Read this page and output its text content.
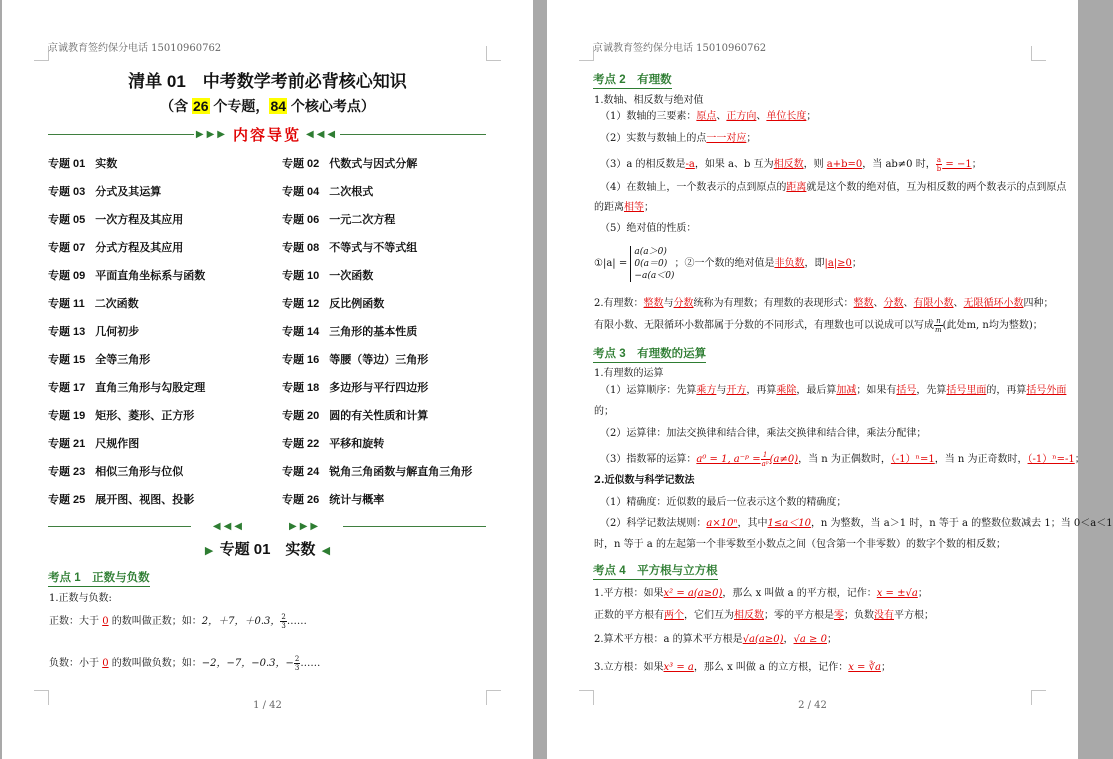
京诚教育签约保分电话 15010960762
清单 01　中考数学考前必背核心知识
（含 26 个专题，84 个核心考点）
▶▶▶ 内容导览 ◀◀◀
专题 01 实数	专题 02 代数式与因式分解
专题 03 分式及其运算	专题 04 二次根式
专题 05 一次方程及其应用	专题 06 一元二次方程
专题 07 分式方程及其应用	专题 08 不等式与不等式组
专题 09 平面直角坐标系与函数	专题 10 一次函数
专题 11 二次函数	专题 12 反比例函数
专题 13 几何初步	专题 14 三角形的基本性质
专题 15 全等三角形	专题 16 等腰（等边）三角形
专题 17 直角三角形与勾股定理	专题 18 多边形与平行四边形
专题 19 矩形、菱形、正方形	专题 20 圆的有关性质和计算
专题 21 尺规作图	专题 22 平移和旋转
专题 23 相似三角形与位似	专题 24 锐角三角函数与解直角三角形
专题 25 展开图、视图、投影	专题 26 统计与概率
◀◀◀	▶▶▶
▶ 专题 01　实数 ◀
考点 1　正数与负数
1.正数与负数:
正数：大于 0 的数叫做正数；如：2，＋7，＋0.3， $\frac{2}{3}$ ……
负数：小于 0 的数叫做负数；如：−2，−7，−0.3，− $\frac{2}{3}$ ……
1 / 42
京诚教育签约保分电话 15010960762
考点 2　有理数
1.数轴、相反数与绝对值
（1）数轴的三要素：原点、正方向、单位长度；
（2）实数与数轴上的点一一对应；
（3）a 的相反数是-a，如果 a、b 互为相反数，则 a+b=0，当 ab≠0 时， $\frac{a}{b} = -1$；
（4）在数轴上，一个数表示的点到原点的距离就是这个数的绝对值，互为相反数的两个数表示的点到原点
的距离相等；
（5）绝对值的性质：
①|a| =
a(a＞0)
0(a＝0)
−a(a＜0)
；②一个数的绝对值是非负数，即|a|≥0；
2.有理数：整数与分数统称为有理数；有理数的表现形式：整数、分数、有限小数、无限循环小数四种；
有限小数、无限循环小数都属于分数的不同形式，有理数也可以说成可以写成 $\frac{n}{m}$ (此处m, n均为整数)；
考点 3　有理数的运算
1.有理数的运算
（1）运算顺序：先算乘方与开方，再算乘除，最后算加减；如果有括号，先算括号里面的，再算括号外面
的；
（2）运算律：加法交换律和结合律，乘法交换律和结合律，乘法分配律；
（3）指数幂的运算：a⁰ = 1, a⁻ᵖ = $\frac{1}{\text{aᵖ}} (a\ne 0)$，当 n 为正偶数时，（-1）ⁿ=1，当 n 为正奇数时，（-1）ⁿ=-1；
2.近似数与科学记数法
（1）精确度：近似数的最后一位表示这个数的精确度；
（2）科学记数法规则：a×10ⁿ，其中1≤a＜10，n 为整数，当 a＞1 时，n 等于 a 的整数位数减去 1；当 0＜a＜1
时，n 等于 a 的左起第一个非零数至小数点之间（包含第一个非零数）的数字个数的相反数；
考点 4　平方根与立方根
1.平方根：如果x² = a(a≥0)，那么 x 叫做 a 的平方根，记作：x = ±√a；
正数的平方根有两个，它们互为相反数；零的平方根是零；负数没有平方根；
2.算术平方根：a 的算术平方根是√a(a≥0)，√a ≥ 0；
3.立方根：如果x³ = a，那么 x 叫做 a 的立方根，记作：x = ∛a；
2 / 42
